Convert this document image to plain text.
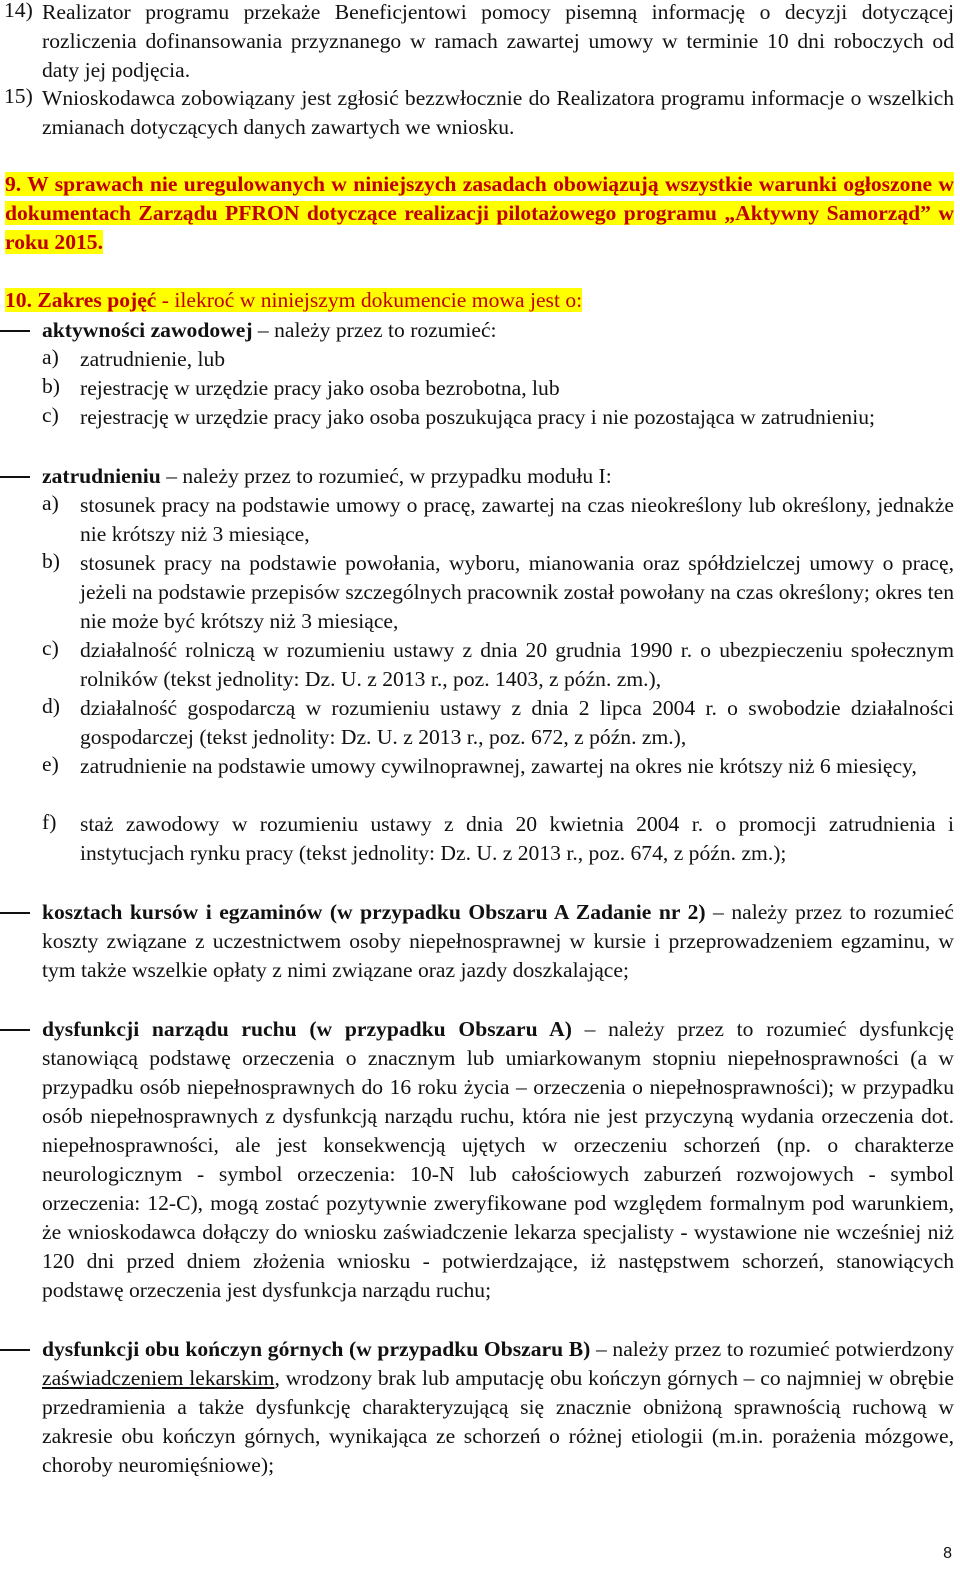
14) Realizator programu przekaże Beneficjentowi pomocy pisemną informację o decyzji dotyczącej rozliczenia dofinansowania przyznanego w ramach zawartej umowy w terminie 10 dni roboczych od daty jej podjęcia.

15) Wnioskodawca zobowiązany jest zgłosić bezzwłocznie do Realizatora programu informacje o wszelkich zmianach dotyczących danych zawartych we wniosku.

9. W sprawach nie uregulowanych w niniejszych zasadach obowiązują wszystkie warunki ogłoszone w dokumentach Zarządu PFRON dotyczące realizacji pilotażowego programu „Aktywny Samorząd” w roku 2015.

10. Zakres pojęć - ilekroć w niniejszym dokumencie mowa jest o:

aktywności zawodowej – należy przez to rozumieć:

a) zatrudnienie, lub

b) rejestrację w urzędzie pracy jako osoba bezrobotna, lub

c) rejestrację w urzędzie pracy jako osoba poszukująca pracy i nie pozostająca w zatrudnieniu;

zatrudnieniu – należy przez to rozumieć, w przypadku modułu I:

a) stosunek pracy na podstawie umowy o pracę, zawartej na czas nieokreślony lub określony, jednakże nie krótszy niż 3 miesiące,

b) stosunek pracy na podstawie powołania, wyboru, mianowania oraz spółdzielczej umowy o pracę, jeżeli na podstawie przepisów szczególnych pracownik został powołany na czas określony; okres ten nie może być krótszy niż 3 miesiące,

c) działalność rolniczą w rozumieniu ustawy z dnia 20 grudnia 1990 r. o ubezpieczeniu społecznym rolników (tekst jednolity: Dz. U. z 2013 r., poz. 1403, z późn. zm.),

d) działalność gospodarczą w rozumieniu ustawy z dnia 2 lipca 2004 r. o swobodzie działalności gospodarczej (tekst jednolity: Dz. U. z 2013 r., poz. 672, z późn. zm.),

e) zatrudnienie na podstawie umowy cywilnoprawnej, zawartej na okres nie krótszy niż 6 miesięcy,

f) staż zawodowy w rozumieniu ustawy z dnia 20 kwietnia 2004 r. o promocji zatrudnienia i instytucjach rynku pracy (tekst jednolity: Dz. U. z 2013 r., poz. 674, z późn. zm.);

kosztach kursów i egzaminów (w przypadku Obszaru A Zadanie nr 2) – należy przez to rozumieć koszty związane z uczestnictwem osoby niepełnosprawnej w kursie i przeprowadzeniem egzaminu, w tym także wszelkie opłaty z nimi związane oraz jazdy doszkalające;

dysfunkcji narządu ruchu (w przypadku Obszaru A) – należy przez to rozumieć dysfunkcję stanowiącą podstawę orzeczenia o znacznym lub umiarkowanym stopniu niepełnosprawności (a w przypadku osób niepełnosprawnych do 16 roku życia – orzeczenia o niepełnosprawności); w przypadku osób niepełnosprawnych z dysfunkcją narządu ruchu, która nie jest przyczyną wydania orzeczenia dot. niepełnosprawności, ale jest konsekwencją ujętych w orzeczeniu schorzeń (np. o charakterze neurologicznym - symbol orzeczenia: 10-N lub całościowych zaburzeń rozwojowych - symbol orzeczenia: 12-C), mogą zostać pozytywnie zweryfikowane pod względem formalnym pod warunkiem, że wnioskodawca dołączy do wniosku zaświadczenie lekarza specjalisty - wystawione nie wcześniej niż 120 dni przed dniem złożenia wniosku - potwierdzające, iż następstwem schorzeń, stanowiących podstawę orzeczenia jest dysfunkcja narządu ruchu;

dysfunkcji obu kończyn górnych (w przypadku Obszaru B) – należy przez to rozumieć potwierdzony zaświadczeniem lekarskim, wrodzony brak lub amputację obu kończyn górnych – co najmniej w obrębie przedramienia a także dysfunkcję charakteryzującą się znacznie obniżoną sprawnością ruchową w zakresie obu kończyn górnych, wynikająca ze schorzeń o różnej etiologii (m.in. porażenia mózgowe, choroby neuromięśniowe);

8
